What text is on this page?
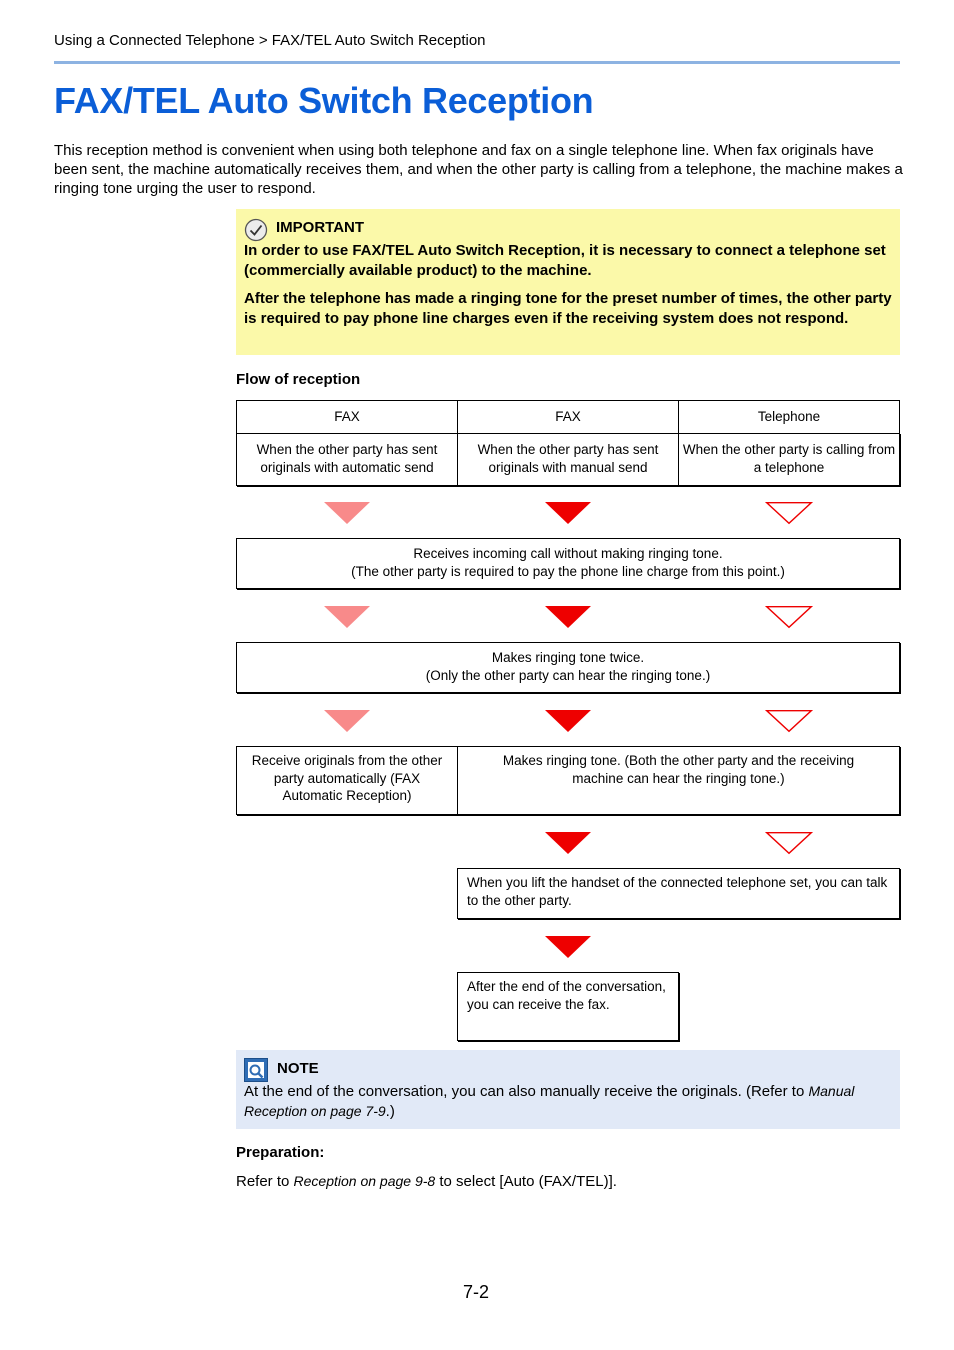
Using a Connected Telephone > FAX/TEL Auto Switch Reception
FAX/TEL Auto Switch Reception
This reception method is convenient when using both telephone and fax on a single telephone line. When fax originals have been sent, the machine automatically receives them, and when the other party is calling from a telephone, the machine makes a ringing tone urging the user to respond.
IMPORTANT
In order to use FAX/TEL Auto Switch Reception, it is necessary to connect a telephone set (commercially available product) to the machine.
After the telephone has made a ringing tone for the preset number of times, the other party is required to pay phone line charges even if the receiving system does not respond.
Flow of reception
FAX	FAX	Telephone
When the other party has sent originals with automatic send
When the other party has sent originals with manual send
When the other party is calling from a telephone
Receives incoming call without making ringing tone.
(The other party is required to pay the phone line charge from this point.)
Makes ringing tone twice.
(Only the other party can hear the ringing tone.)
Receive originals from the other party automatically (FAX Automatic Reception)
Makes ringing tone. (Both the other party and the receiving machine can hear the ringing tone.)
When you lift the handset of the connected telephone set, you can talk to the other party.
After the end of the conversation, you can receive the fax.
NOTE
At the end of the conversation, you can also manually receive the originals. (Refer to Manual Reception on page 7-9.)
Preparation:
Refer to Reception on page 9-8 to select [Auto (FAX/TEL)].
7-2
